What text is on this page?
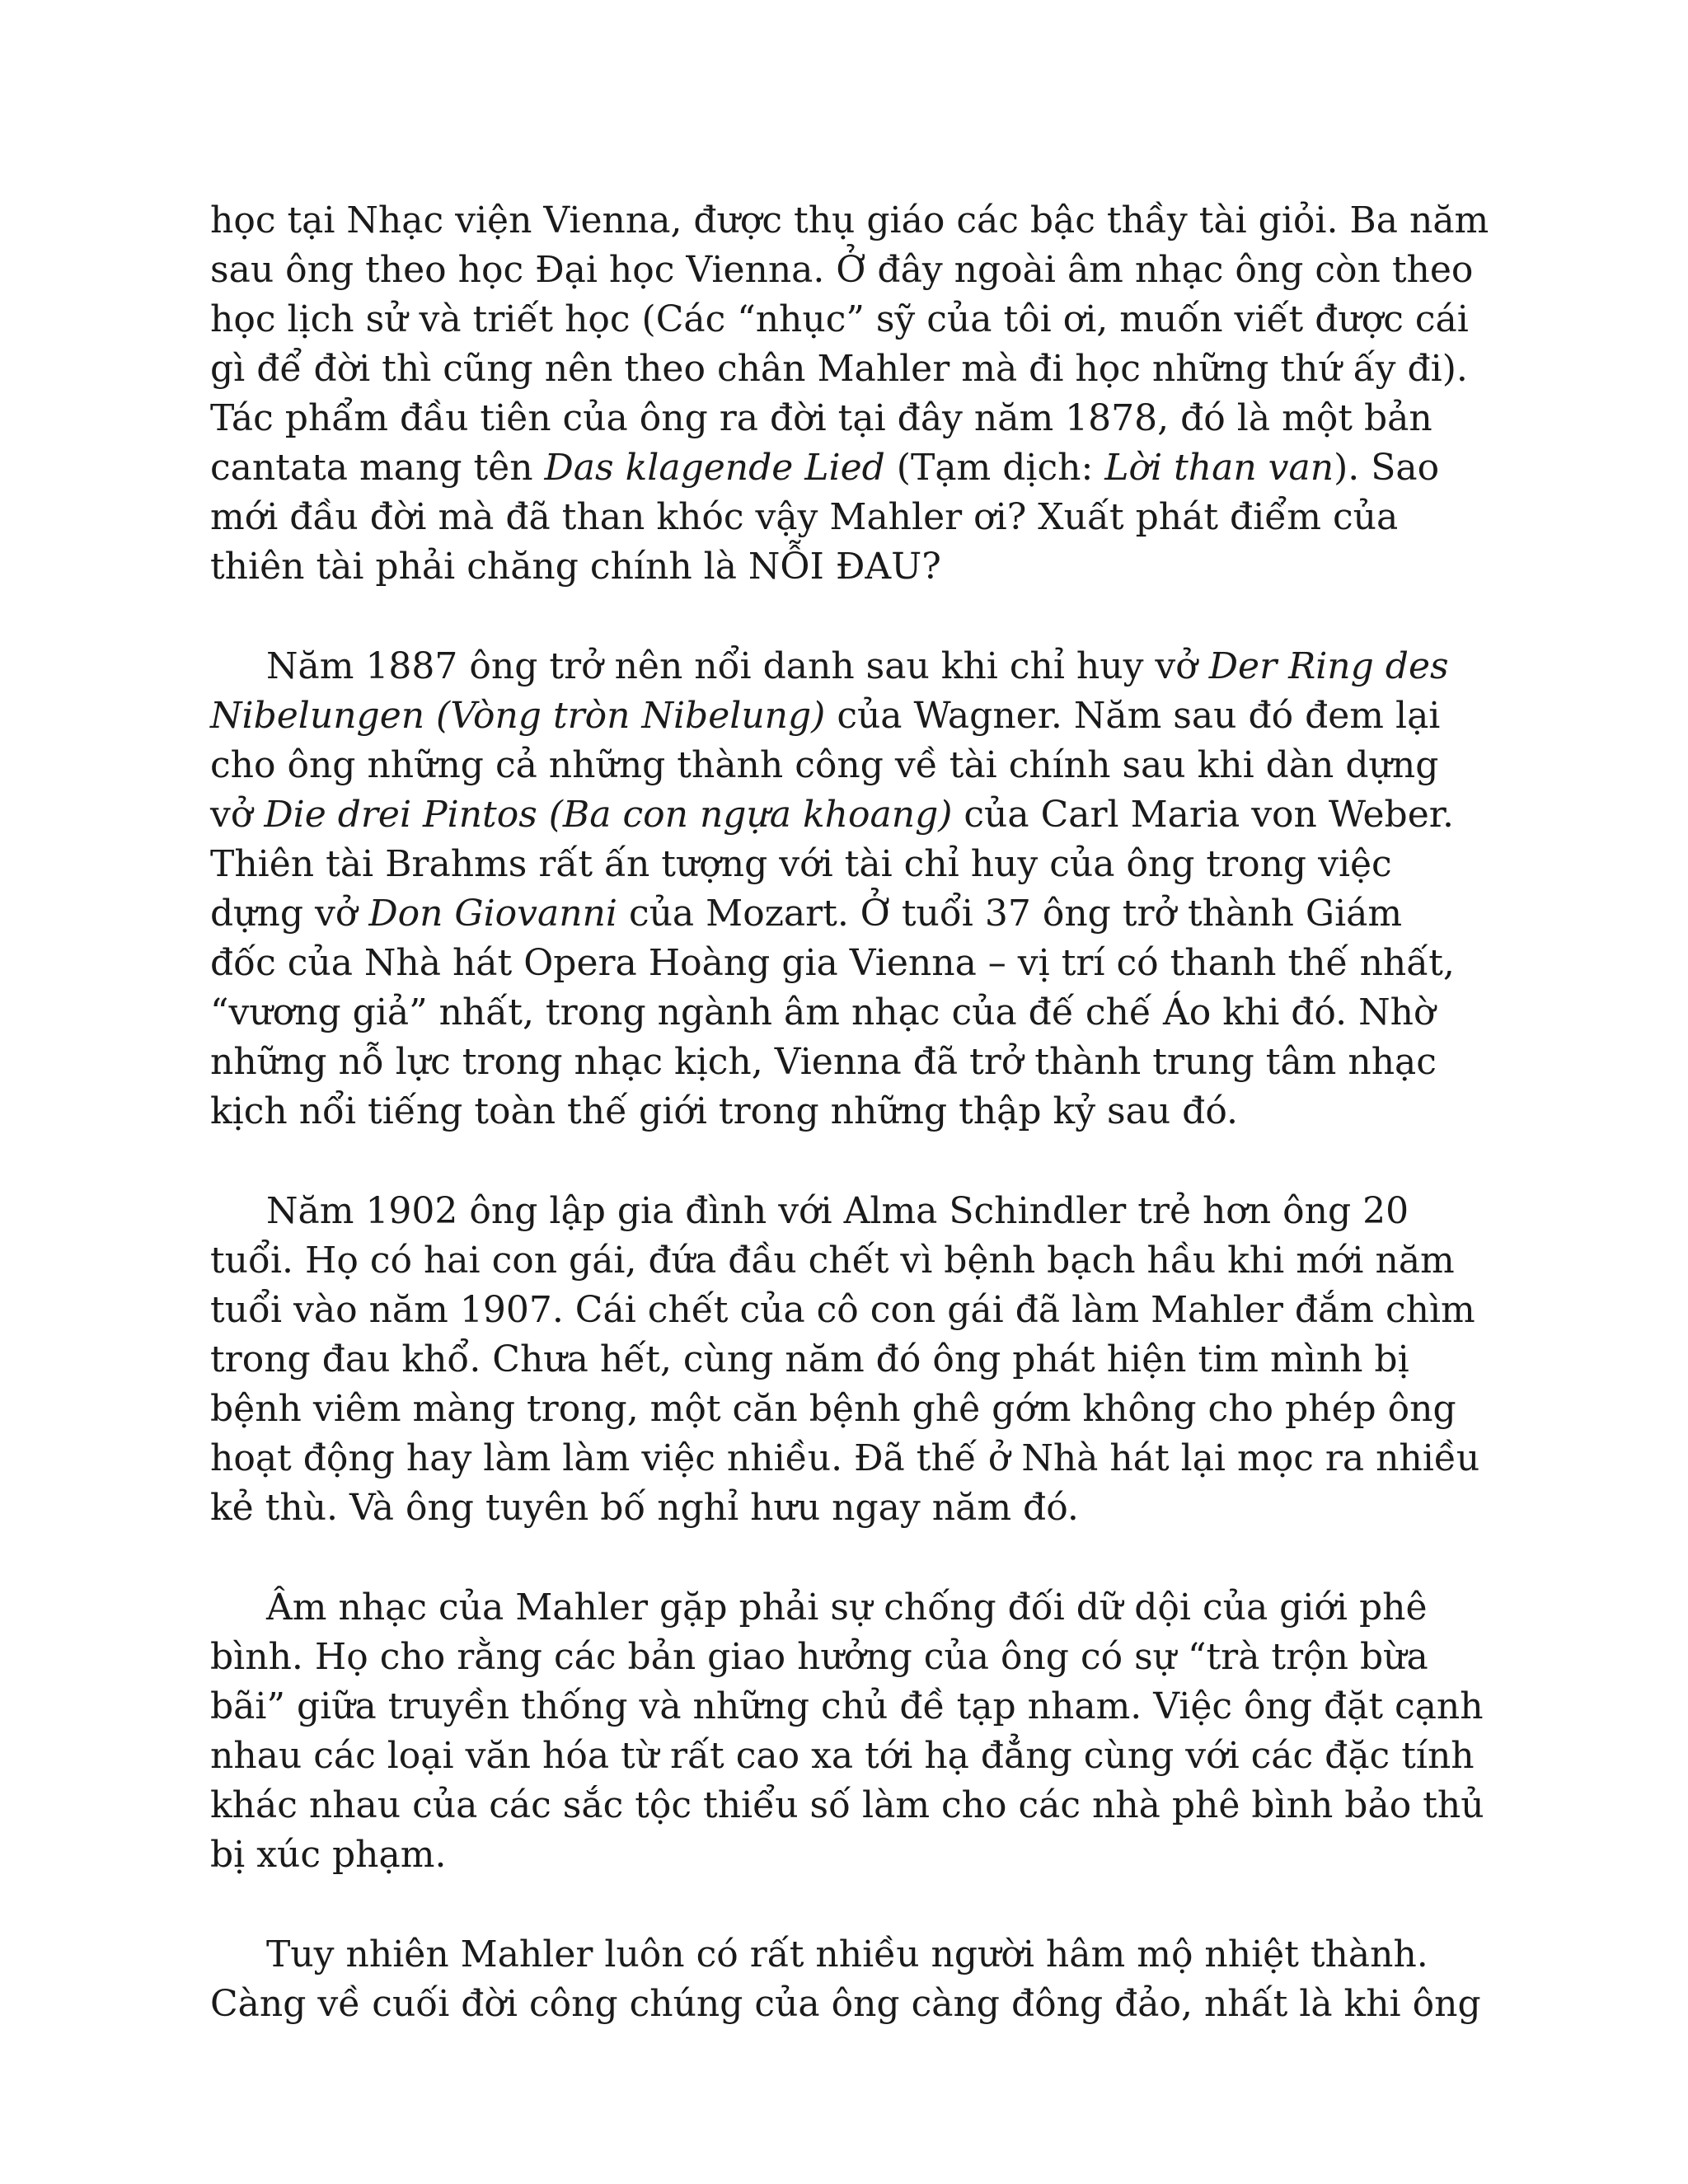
học tại Nhạc viện Vienna, được thụ giáo các bậc thầy tài giỏi. Ba năm
sau ông theo học Đại học Vienna. Ở đây ngoài âm nhạc ông còn theo
học lịch sử và triết học (Các “nhục” sỹ của tôi ơi, muốn viết được cái
gì để đời thì cũng nên theo chân Mahler mà đi học những thứ ấy đi).
Tác phẩm đầu tiên của ông ra đời tại đây năm 1878, đó là một bản
cantata mang tên Das klagende Lied (Tạm dịch: Lời than van). Sao
mới đầu đời mà đã than khóc vậy Mahler ơi? Xuất phát điểm của
thiên tài phải chăng chính là NỖI ĐAU?

Năm 1887 ông trở nên nổi danh sau khi chỉ huy vở Der Ring des
Nibelungen (Vòng tròn Nibelung) của Wagner. Năm sau đó đem lại
cho ông những cả những thành công về tài chính sau khi dàn dựng
vở Die drei Pintos (Ba con ngựa khoang) của Carl Maria von Weber.
Thiên tài Brahms rất ấn tượng với tài chỉ huy của ông trong việc
dựng vở Don Giovanni của Mozart. Ở tuổi 37 ông trở thành Giám
đốc của Nhà hát Opera Hoàng gia Vienna – vị trí có thanh thế nhất,
“vương giả” nhất, trong ngành âm nhạc của đế chế Áo khi đó. Nhờ
những nỗ lực trong nhạc kịch, Vienna đã trở thành trung tâm nhạc
kịch nổi tiếng toàn thế giới trong những thập kỷ sau đó.

Năm 1902 ông lập gia đình với Alma Schindler trẻ hơn ông 20
tuổi. Họ có hai con gái, đứa đầu chết vì bệnh bạch hầu khi mới năm
tuổi vào năm 1907. Cái chết của cô con gái đã làm Mahler đắm chìm
trong đau khổ. Chưa hết, cùng năm đó ông phát hiện tim mình bị
bệnh viêm màng trong, một căn bệnh ghê gớm không cho phép ông
hoạt động hay làm làm việc nhiều. Đã thế ở Nhà hát lại mọc ra nhiều
kẻ thù. Và ông tuyên bố nghỉ hưu ngay năm đó.

Âm nhạc của Mahler gặp phải sự chống đối dữ dội của giới phê
bình. Họ cho rằng các bản giao hưởng của ông có sự “trà trộn bừa
bãi” giữa truyền thống và những chủ đề tạp nham. Việc ông đặt cạnh
nhau các loại văn hóa từ rất cao xa tới hạ đẳng cùng với các đặc tính
khác nhau của các sắc tộc thiểu số làm cho các nhà phê bình bảo thủ
bị xúc phạm.

Tuy nhiên Mahler luôn có rất nhiều người hâm mộ nhiệt thành.
Càng về cuối đời công chúng của ông càng đông đảo, nhất là khi ông
